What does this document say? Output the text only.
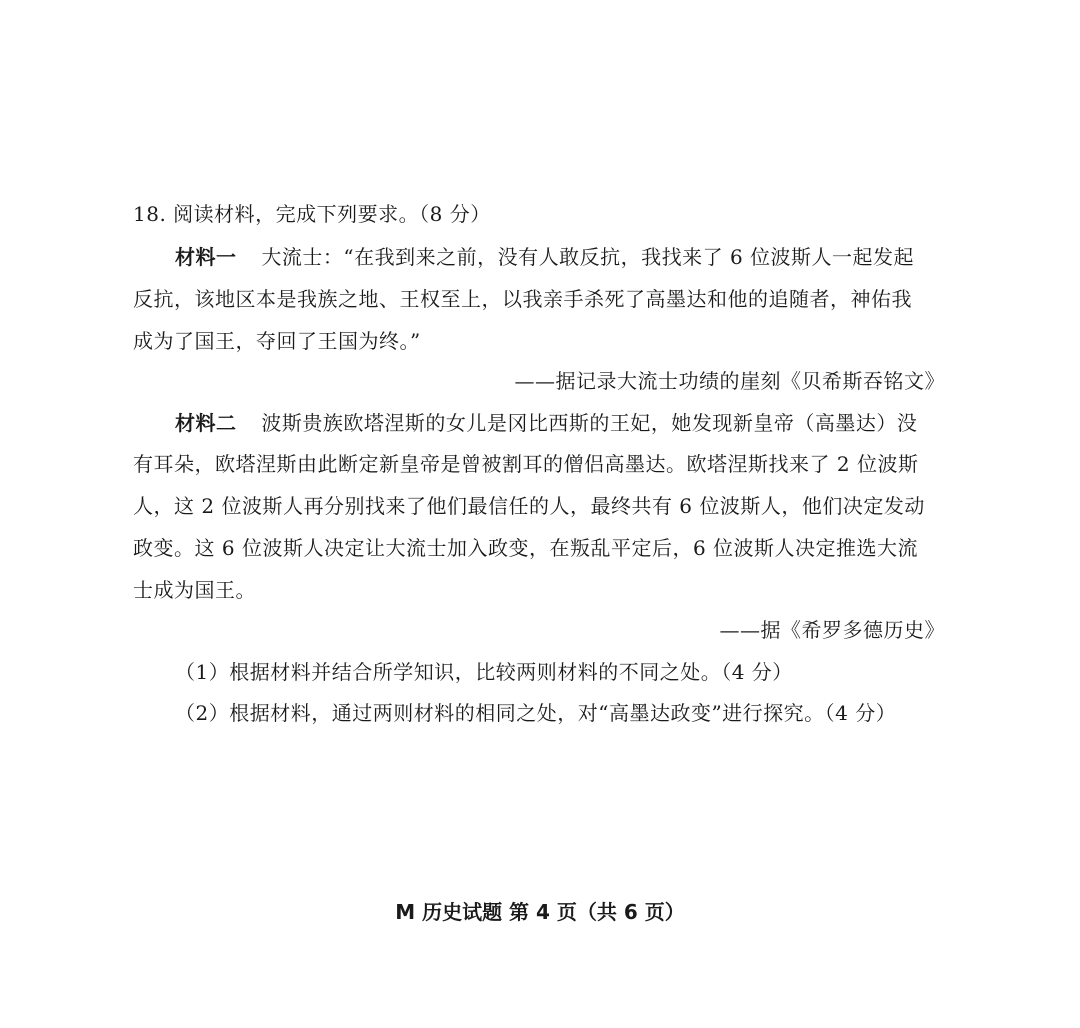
18. 阅读材料，完成下列要求。（8 分）
材料一 大流士：“在我到来之前，没有人敢反抗，我找来了 6 位波斯人一起发起
反抗，该地区本是我族之地、王权至上，以我亲手杀死了高墨达和他的追随者，神佑我
成为了国王，夺回了王国为终。”
——据记录大流士功绩的崖刻《贝希斯吞铭文》
材料二 波斯贵族欧塔涅斯的女儿是冈比西斯的王妃，她发现新皇帝（高墨达）没
有耳朵，欧塔涅斯由此断定新皇帝是曾被割耳的僧侣高墨达。欧塔涅斯找来了 2 位波斯
人，这 2 位波斯人再分别找来了他们最信任的人，最终共有 6 位波斯人，他们决定发动
政变。这 6 位波斯人决定让大流士加入政变，在叛乱平定后，6 位波斯人决定推选大流
士成为国王。
——据《希罗多德历史》
（1）根据材料并结合所学知识，比较两则材料的不同之处。（4 分）
（2）根据材料，通过两则材料的相同之处，对“高墨达政变”进行探究。（4 分）
M 历史试题 第 4 页（共 6 页）
